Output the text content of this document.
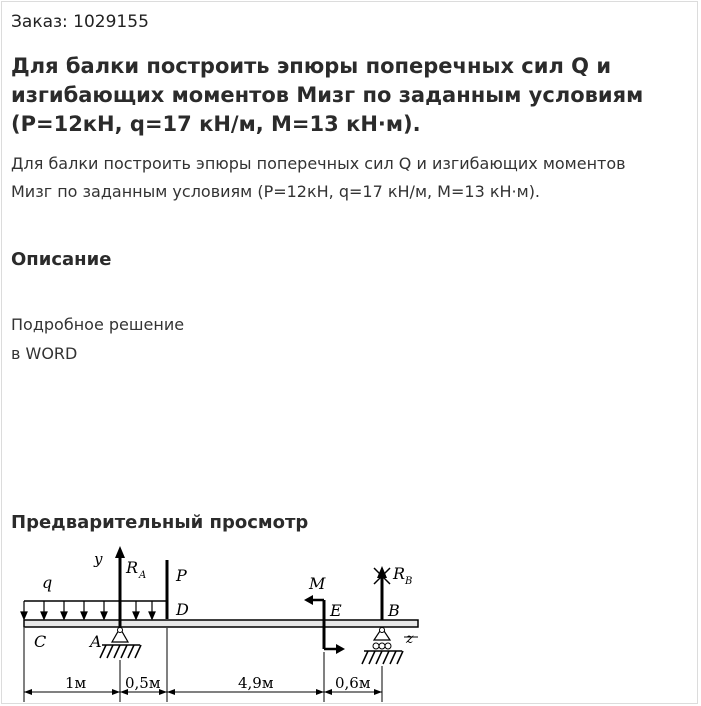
Заказ: 1029155
Для балки построить эпюры поперечных сил Q и изгибающих моментов Мизг по заданным условиям (P=12кН, q=17 кН/м, M=13 кН·м).
Для балки построить эпюры поперечных сил Q и изгибающих моментов Мизг по заданным условиям (P=12кН, q=17 кН/м, M=13 кН·м).
Описание
Подробное решение
в WORD
Предварительный просмотр
y R A P
q
D
M
E
R B
B
z
C	A
1м	0,5м	4,9м	0,6м
